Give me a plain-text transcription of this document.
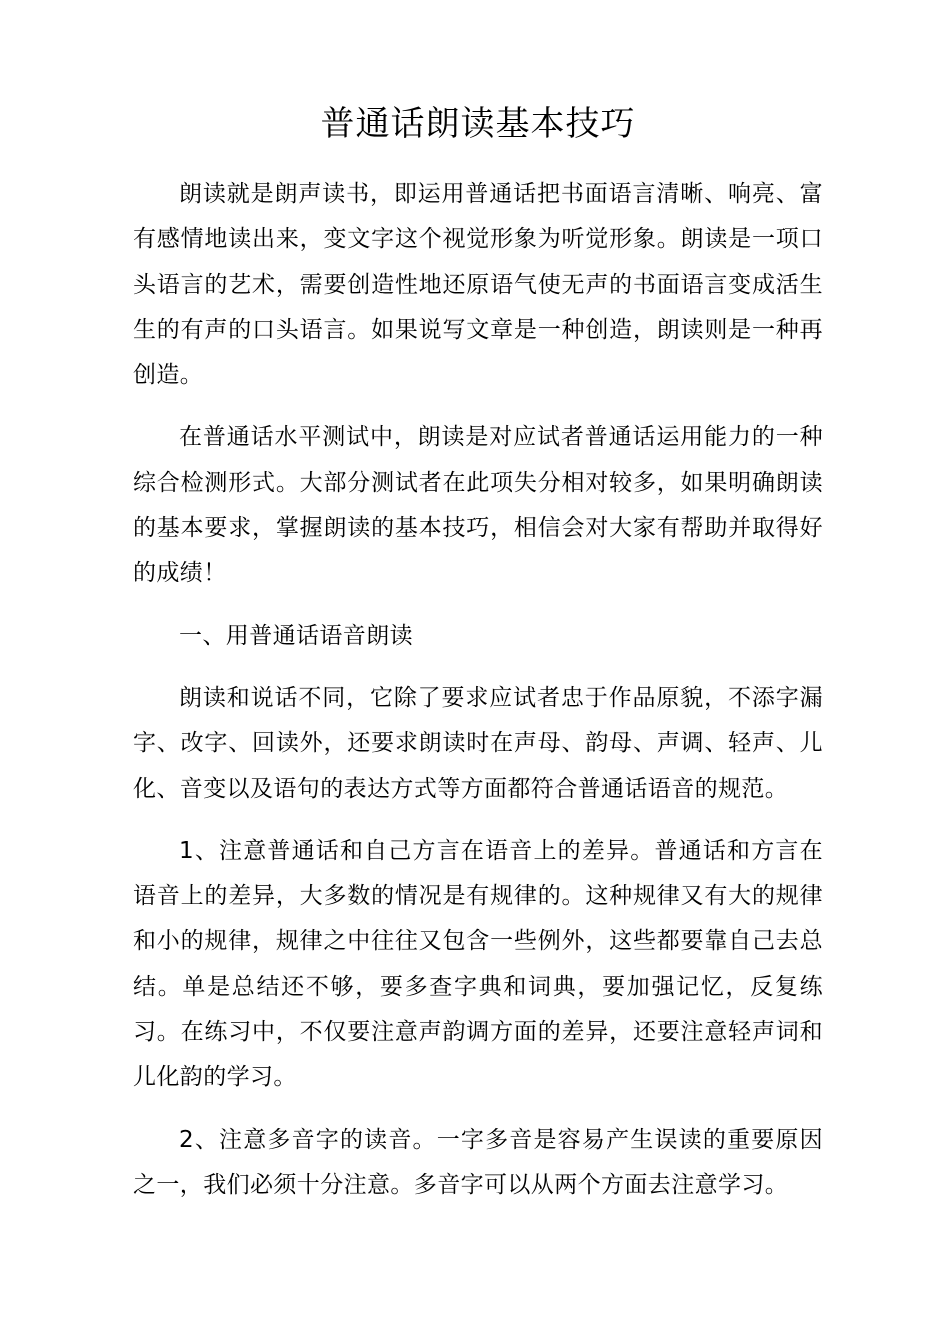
普通话朗读基本技巧

朗读就是朗声读书，即运用普通话把书面语言清晰、响亮、富有感情地读出来，变文字这个视觉形象为听觉形象。朗读是一项口头语言的艺术，需要创造性地还原语气使无声的书面语言变成活生生的有声的口头语言。如果说写文章是一种创造，朗读则是一种再创造。

在普通话水平测试中，朗读是对应试者普通话运用能力的一种综合检测形式。大部分测试者在此项失分相对较多，如果明确朗读的基本要求，掌握朗读的基本技巧，相信会对大家有帮助并取得好的成绩！

一、用普通话语音朗读

朗读和说话不同，它除了要求应试者忠于作品原貌，不添字漏字、改字、回读外，还要求朗读时在声母、韵母、声调、轻声、儿化、音变以及语句的表达方式等方面都符合普通话语音的规范。

1、注意普通话和自己方言在语音上的差异。普通话和方言在语音上的差异，大多数的情况是有规律的。这种规律又有大的规律和小的规律，规律之中往往又包含一些例外，这些都要靠自己去总结。单是总结还不够，要多查字典和词典，要加强记忆，反复练习。在练习中，不仅要注意声韵调方面的差异，还要注意轻声词和儿化韵的学习。

2、注意多音字的读音。一字多音是容易产生误读的重要原因之一，我们必须十分注意。多音字可以从两个方面去注意学习。
